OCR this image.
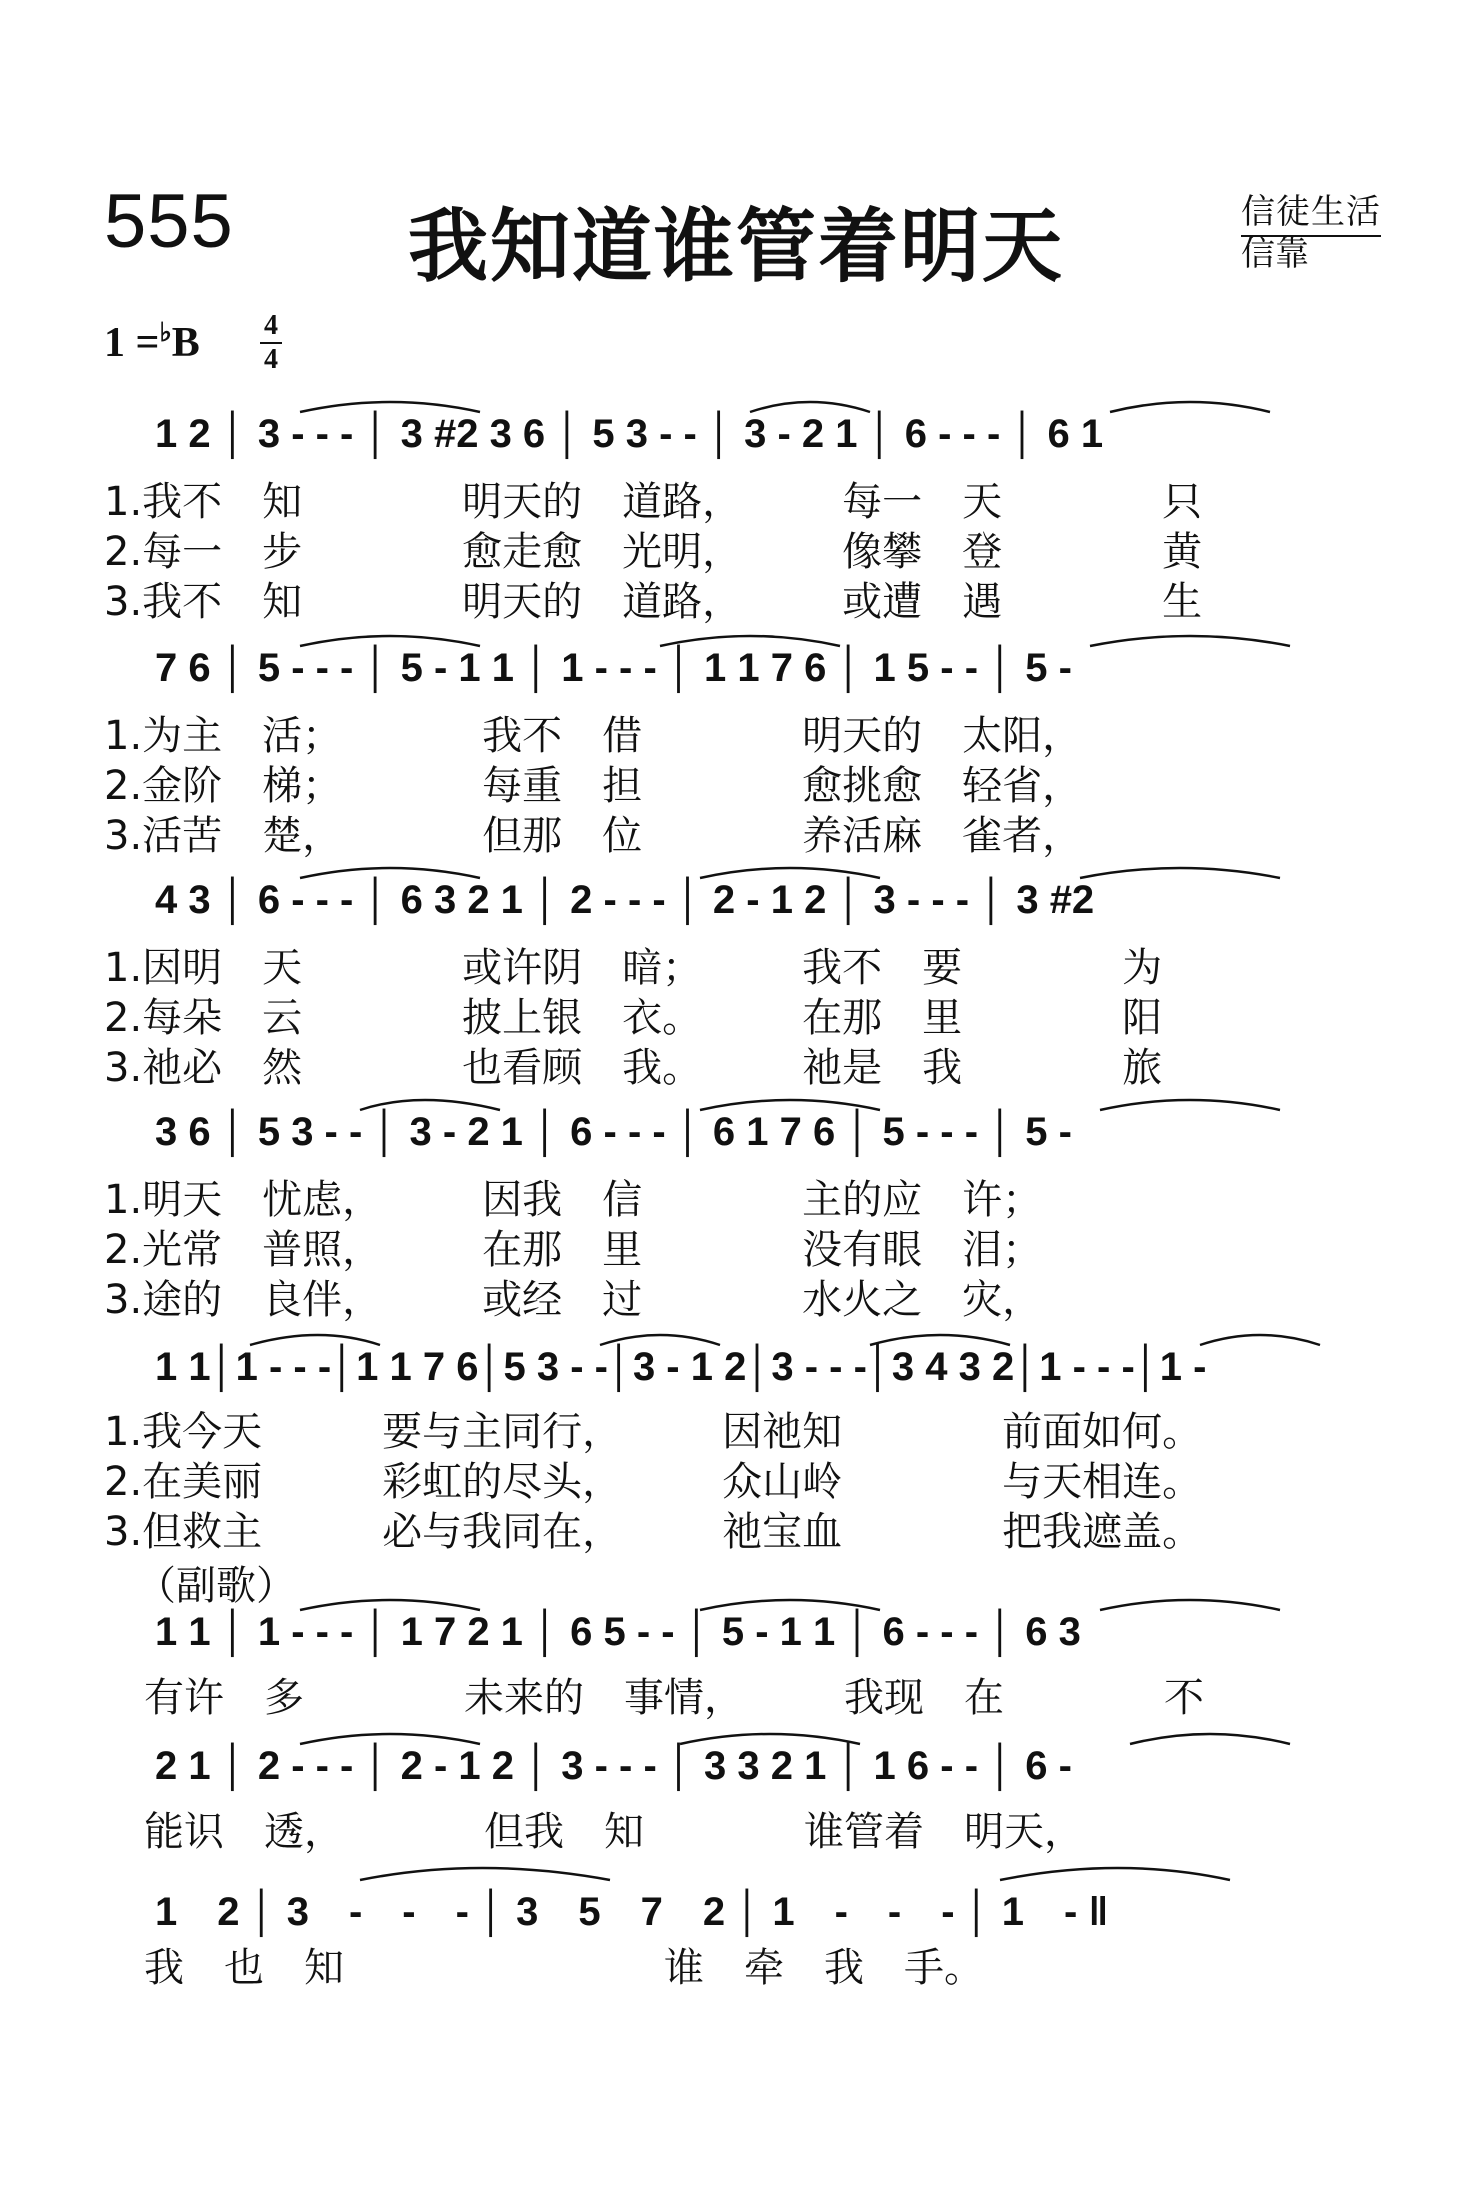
555 我知道谁管着明天	信徒生活
信靠
1 =♭B 4
4
1 2 │ 3 - - - │ 3 #2 3 6 │ 5 3 - - │ 3 - 2 1 │ 6 - - - │ 6 1
1.我不　知　　　　明天的　道路，　　　每一　天　　　　只
2.每一　步　　　　愈走愈　光明，　　　像攀　登　　　　黄
3.我不　知　　　　明天的　道路，　　　或遭　遇　　　　生
7 6 │ 5 - - - │ 5 - 1 1 │ 1 - - - │ 1 1 7 6 │ 1 5 - - │ 5 -
1.为主　活；　　　　我不　借　　　　明天的　太阳，
2.金阶　梯；　　　　每重　担　　　　愈挑愈　轻省，
3.活苦　楚，　　　　但那　位　　　　养活麻　雀者，
4 3 │ 6 - - - │ 6 3 2 1 │ 2 - - - │ 2 - 1 2 │ 3 - - - │ 3 #2
1.因明　天　　　　或许阴　暗；　　　我不　要　　　　为
2.每朵　云　　　　披上银　衣。　　　在那　里　　　　阳
3.祂必　然　　　　也看顾　我。　　　祂是　我　　　　旅
3 6 │ 5 3 - - │ 3 - 2 1 │ 6 - - - │ 6 1 7 6 │ 5 - - - │ 5 -
1.明天　忧虑，　　　因我　信　　　　主的应　许；
2.光常　普照，　　　在那　里　　　　没有眼　泪；
3.途的　良伴，　　　或经　过　　　　水火之　灾，
1 1│1 - - -│1 1 7 6│5 3 - -│3 - 1 2│3 - - -│3 4 3 2│1 - - -│1 -
1.我今天　　　要与主同行，　　　因祂知　　　　前面如何。
2.在美丽　　　彩虹的尽头，　　　众山岭　　　　与天相连。
3.但救主　　　必与我同在，　　　祂宝血　　　　把我遮盖。
（副歌）
1 1 │ 1 - - - │ 1 7 2 1 │ 6 5 - - │ 5 - 1 1 │ 6 - - - │ 6 3
有许　多　　　　未来的　事情，　　　我现　在　　　　不
2 1 │ 2 - - - │ 2 - 1 2 │ 3 - - - │ 3 3 2 1 │ 1 6 - - │ 6 -
能识　透，　　　　但我　知　　　　谁管着　明天，
1　2 │ 3　-　-　- │ 3　5　7　2 │ 1　-　-　- │ 1　- ‖
我　也　知　　　　　　　　谁　牵　我　手。
